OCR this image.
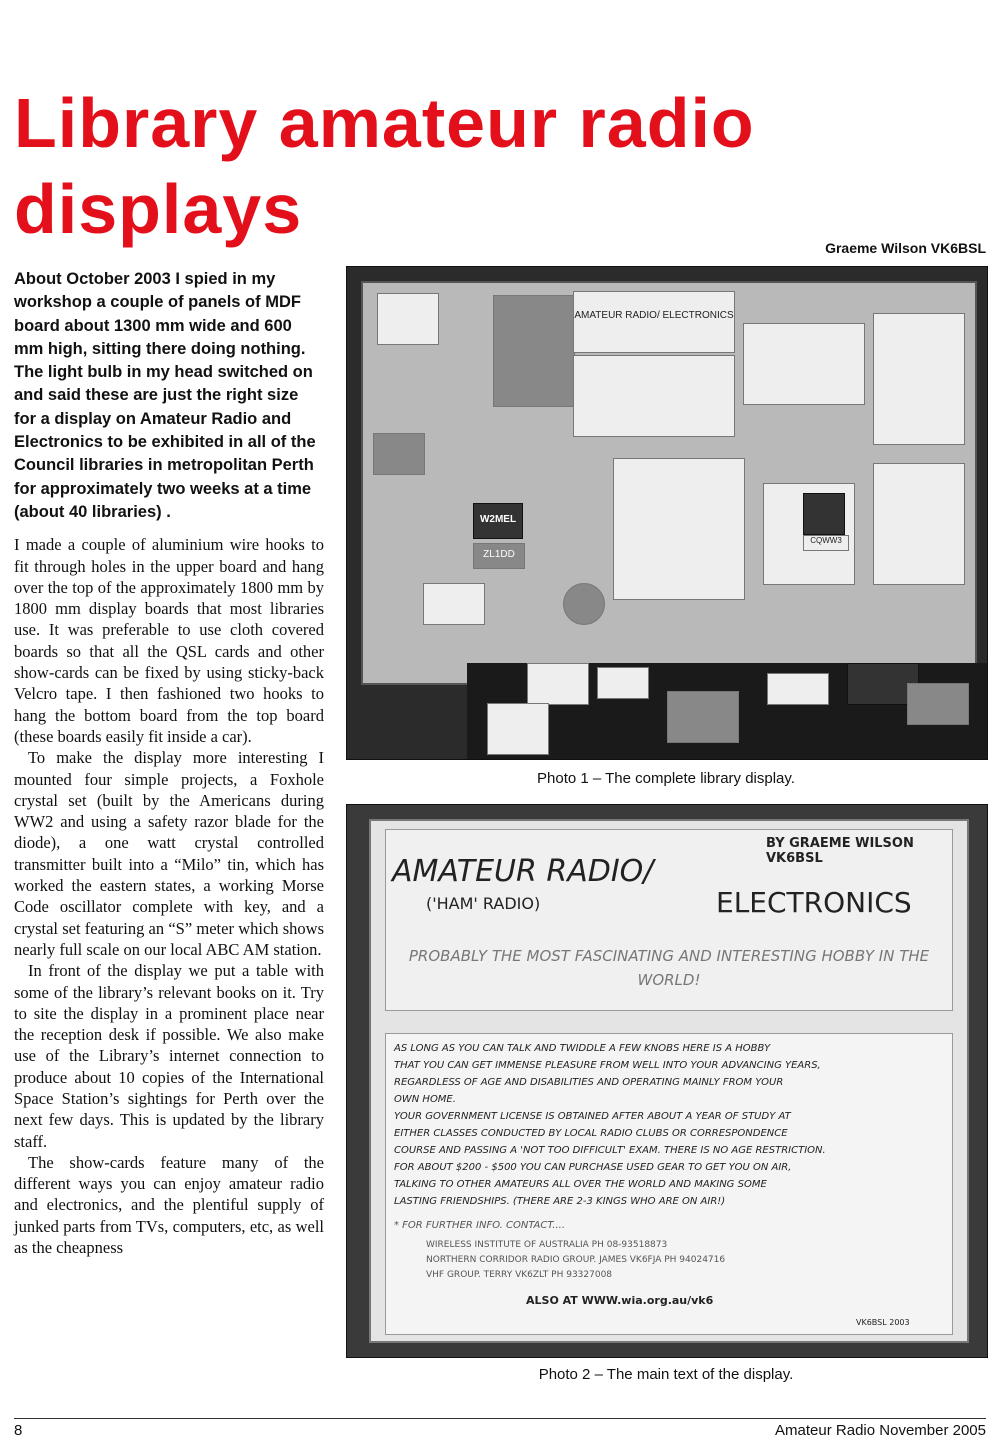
Library amateur radio displays	Graeme Wilson VK6BSL

About October 2003 I spied in my workshop a couple of panels of MDF board about 1300 mm wide and 600 mm high, sitting there doing nothing. The light bulb in my head switched on and said these are just the right size for a display on Amateur Radio and Electronics to be exhibited in all of the Council libraries in metropolitan Perth for approximately two weeks at a time (about 40 libraries) .

I made a couple of aluminium wire hooks to fit through holes in the upper board and hang over the top of the approximately 1800 mm by 1800 mm display boards that most libraries use. It was preferable to use cloth covered boards so that all the QSL cards and other show-cards can be fixed by using sticky-back Velcro tape. I then fashioned two hooks to hang the bottom board from the top board (these boards easily fit inside a car).

To make the display more interesting I mounted four simple projects, a Foxhole crystal set (built by the Americans during WW2 and using a safety razor blade for the diode), a one watt crystal controlled transmitter built into a “Milo” tin, which has worked the eastern states, a working Morse Code oscillator complete with key, and a crystal set featuring an “S” meter which shows nearly full scale on our local ABC AM station.

In front of the display we put a table with some of the library’s relevant books on it. Try to site the display in a prominent place near the reception desk if possible. We also make use of the Library’s internet connection to produce about 10 copies of the International Space Station’s sightings for Perth over the next few days. This is updated by the library staff.

The show-cards feature many of the different ways you can enjoy amateur radio and electronics, and the plentiful supply of junked parts from TVs, computers, etc, as well as the cheapness

AMATEUR RADIO/ ELECTRONICS
W2MEL
ZL1DD
CQWW3
Photo 1 – The complete library display.
BY GRAEME WILSON VK6BSL
AMATEUR RADIO/
('HAM' RADIO)	ELECTRONICS
PROBABLY THE MOST FASCINATING AND INTERESTING HOBBY IN THE WORLD!
AS LONG AS YOU CAN TALK AND TWIDDLE A FEW KNOBS HERE IS A HOBBY
THAT YOU CAN GET IMMENSE PLEASURE FROM WELL INTO YOUR ADVANCING YEARS,
REGARDLESS OF AGE AND DISABILITIES AND OPERATING MAINLY FROM YOUR
OWN HOME.
YOUR GOVERNMENT LICENSE IS OBTAINED AFTER ABOUT A YEAR OF STUDY AT
EITHER CLASSES CONDUCTED BY LOCAL RADIO CLUBS OR CORRESPONDENCE
COURSE AND PASSING A 'NOT TOO DIFFICULT' EXAM. THERE IS NO AGE RESTRICTION.
FOR ABOUT $200 - $500 YOU CAN PURCHASE USED GEAR TO GET YOU ON AIR,
TALKING TO OTHER AMATEURS ALL OVER THE WORLD AND MAKING SOME
LASTING FRIENDSHIPS. (THERE ARE 2-3 KINGS WHO ARE ON AIR!)
* FOR FURTHER INFO. CONTACT....
WIRELESS INSTITUTE OF AUSTRALIA PH 08-93518873
NORTHERN CORRIDOR RADIO GROUP. JAMES VK6FJA PH 94024716
VHF GROUP. TERRY VK6ZLT PH 93327008
ALSO AT WWW.wia.org.au/vk6
VK6BSL 2003
Photo 2 – The main text of the display.
8	Amateur Radio November 2005
